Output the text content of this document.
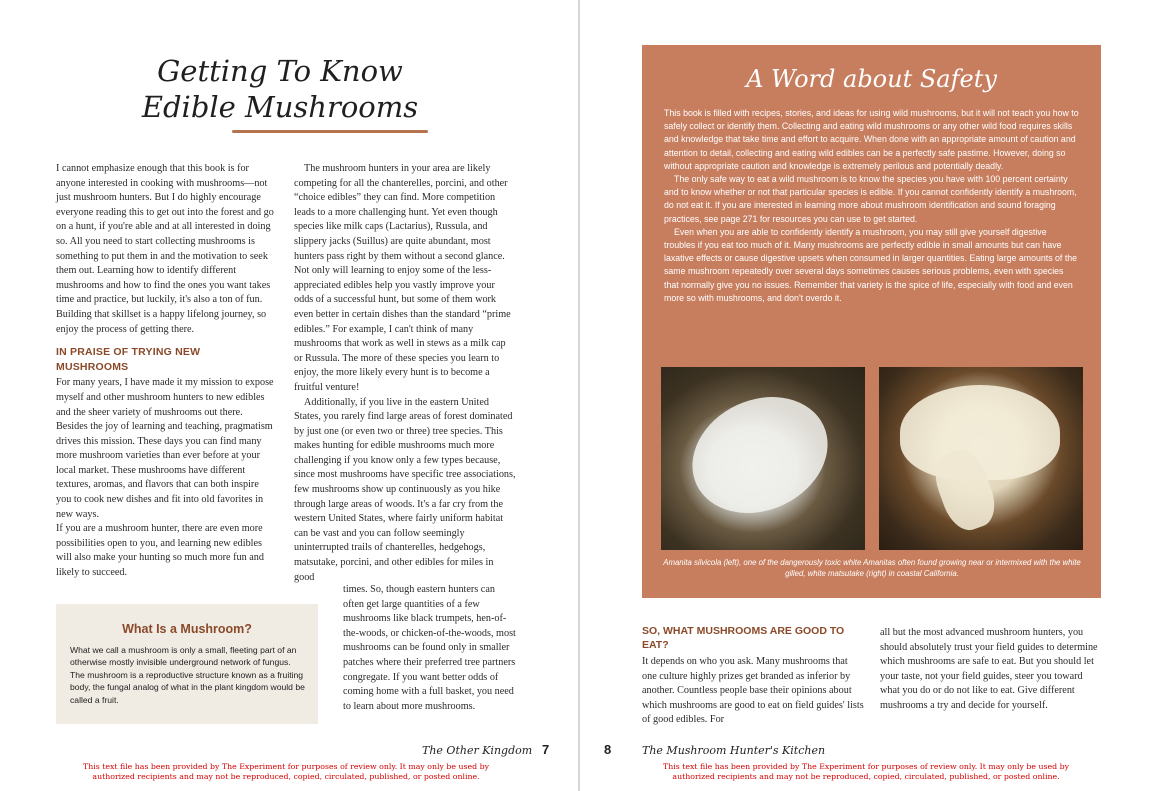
Getting To Know
Edible Mushrooms

I cannot emphasize enough that this book is for anyone interested in cooking with mushrooms—not just mushroom hunters. But I do highly encourage everyone reading this to get out into the forest and go on a hunt, if you're able and at all interested in doing so. All you need to start collecting mushrooms is something to put them in and the motivation to seek them out. Learning how to identify different mushrooms and how to find the ones you want takes time and practice, but luckily, it's also a ton of fun. Building that skillset is a happy lifelong journey, so enjoy the process of getting there.

IN PRAISE OF TRYING NEW MUSHROOMS

For many years, I have made it my mission to expose myself and other mushroom hunters to new edibles and the sheer variety of mushrooms out there. Besides the joy of learning and teaching, pragmatism drives this mission. These days you can find many more mushroom varieties than ever before at your local market. These mushrooms have different textures, aromas, and flavors that can both inspire you to cook new dishes and fit into old favorites in new ways.

If you are a mushroom hunter, there are even more possibilities open to you, and learning new edibles will also make your hunting so much more fun and likely to succeed.

The mushroom hunters in your area are likely competing for all the chanterelles, porcini, and other “choice edibles” they can find. More competition leads to a more challenging hunt. Yet even though species like milk caps (Lactarius), Russula, and slippery jacks (Suillus) are quite abundant, most hunters pass right by them without a second glance. Not only will learning to enjoy some of the less-appreciated edibles help you vastly improve your odds of a successful hunt, but some of them work even better in certain dishes than the standard “prime edibles.” For example, I can't think of many mushrooms that work as well in stews as a milk cap or Russula. The more of these species you learn to enjoy, the more likely every hunt is to become a fruitful venture!

Additionally, if you live in the eastern United States, you rarely find large areas of forest dominated by just one (or even two or three) tree species. This makes hunting for edible mushrooms much more challenging if you know only a few types because, since most mushrooms have specific tree associations, few mushrooms show up continuously as you hike through large areas of woods. It's a far cry from the western United States, where fairly uniform habitat can be vast and you can follow seemingly uninterrupted trails of chanterelles, hedgehogs, matsutake, porcini, and other edibles for miles in good

times. So, though eastern hunters can often get large quantities of a few mushrooms like black trumpets, hen-of-the-woods, or chicken-of-the-woods, most mushrooms can be found only in smaller patches where their preferred tree partners congregate. If you want better odds of coming home with a full basket, you need to learn about more mushrooms.

What Is a Mushroom?
What we call a mushroom is only a small, fleeting part of an otherwise mostly invisible underground network of fungus. The mushroom is a reproductive structure known as a fruiting body, the fungal analog of what in the plant kingdom would be called a fruit.
The Other Kingdom 7
This text file has been provided by The Experiment for purposes of review only. It may only be used by authorized recipients and may not be reproduced, copied, circulated, published, or posted online.
A Word about Safety

This book is filled with recipes, stories, and ideas for using wild mushrooms, but it will not teach you how to safely collect or identify them. Collecting and eating wild mushrooms or any other wild food requires skills and knowledge that take time and effort to acquire. When done with an appropriate amount of caution and attention to detail, collecting and eating wild edibles can be a perfectly safe pastime. However, doing so without appropriate caution and knowledge is extremely perilous and potentially deadly.

The only safe way to eat a wild mushroom is to know the species you have with 100 percent certainty and to know whether or not that particular species is edible. If you cannot confidently identify a mushroom, do not eat it. If you are interested in learning more about mushroom identification and sound foraging practices, see page 271 for resources you can use to get started.

Even when you are able to confidently identify a mushroom, you may still give yourself digestive troubles if you eat too much of it. Many mushrooms are perfectly edible in small amounts but can have laxative effects or cause digestive upsets when consumed in larger quantities. Eating large amounts of the same mushroom repeatedly over several days sometimes causes serious problems, even with species that normally give you no issues. Remember that variety is the spice of life, especially with food and even more so with mushrooms, and don't overdo it.

Amanita silvicola (left), one of the dangerously toxic white Amanitas often found growing near or intermixed with the white gilled, white matsutake (right) in coastal California.
SO, WHAT MUSHROOMS ARE GOOD TO EAT?

It depends on who you ask. Many mushrooms that one culture highly prizes get branded as inferior by another. Countless people base their opinions about which mushrooms are good to eat on field guides' lists of good edibles. For

all but the most advanced mushroom hunters, you should absolutely trust your field guides to determine which mushrooms are safe to eat. But you should let your taste, not your field guides, steer you toward what you do or do not like to eat. Give different mushrooms a try and decide for yourself.

8	The Mushroom Hunter's Kitchen
This text file has been provided by The Experiment for purposes of review only. It may only be used by authorized recipients and may not be reproduced, copied, circulated, published, or posted online.
